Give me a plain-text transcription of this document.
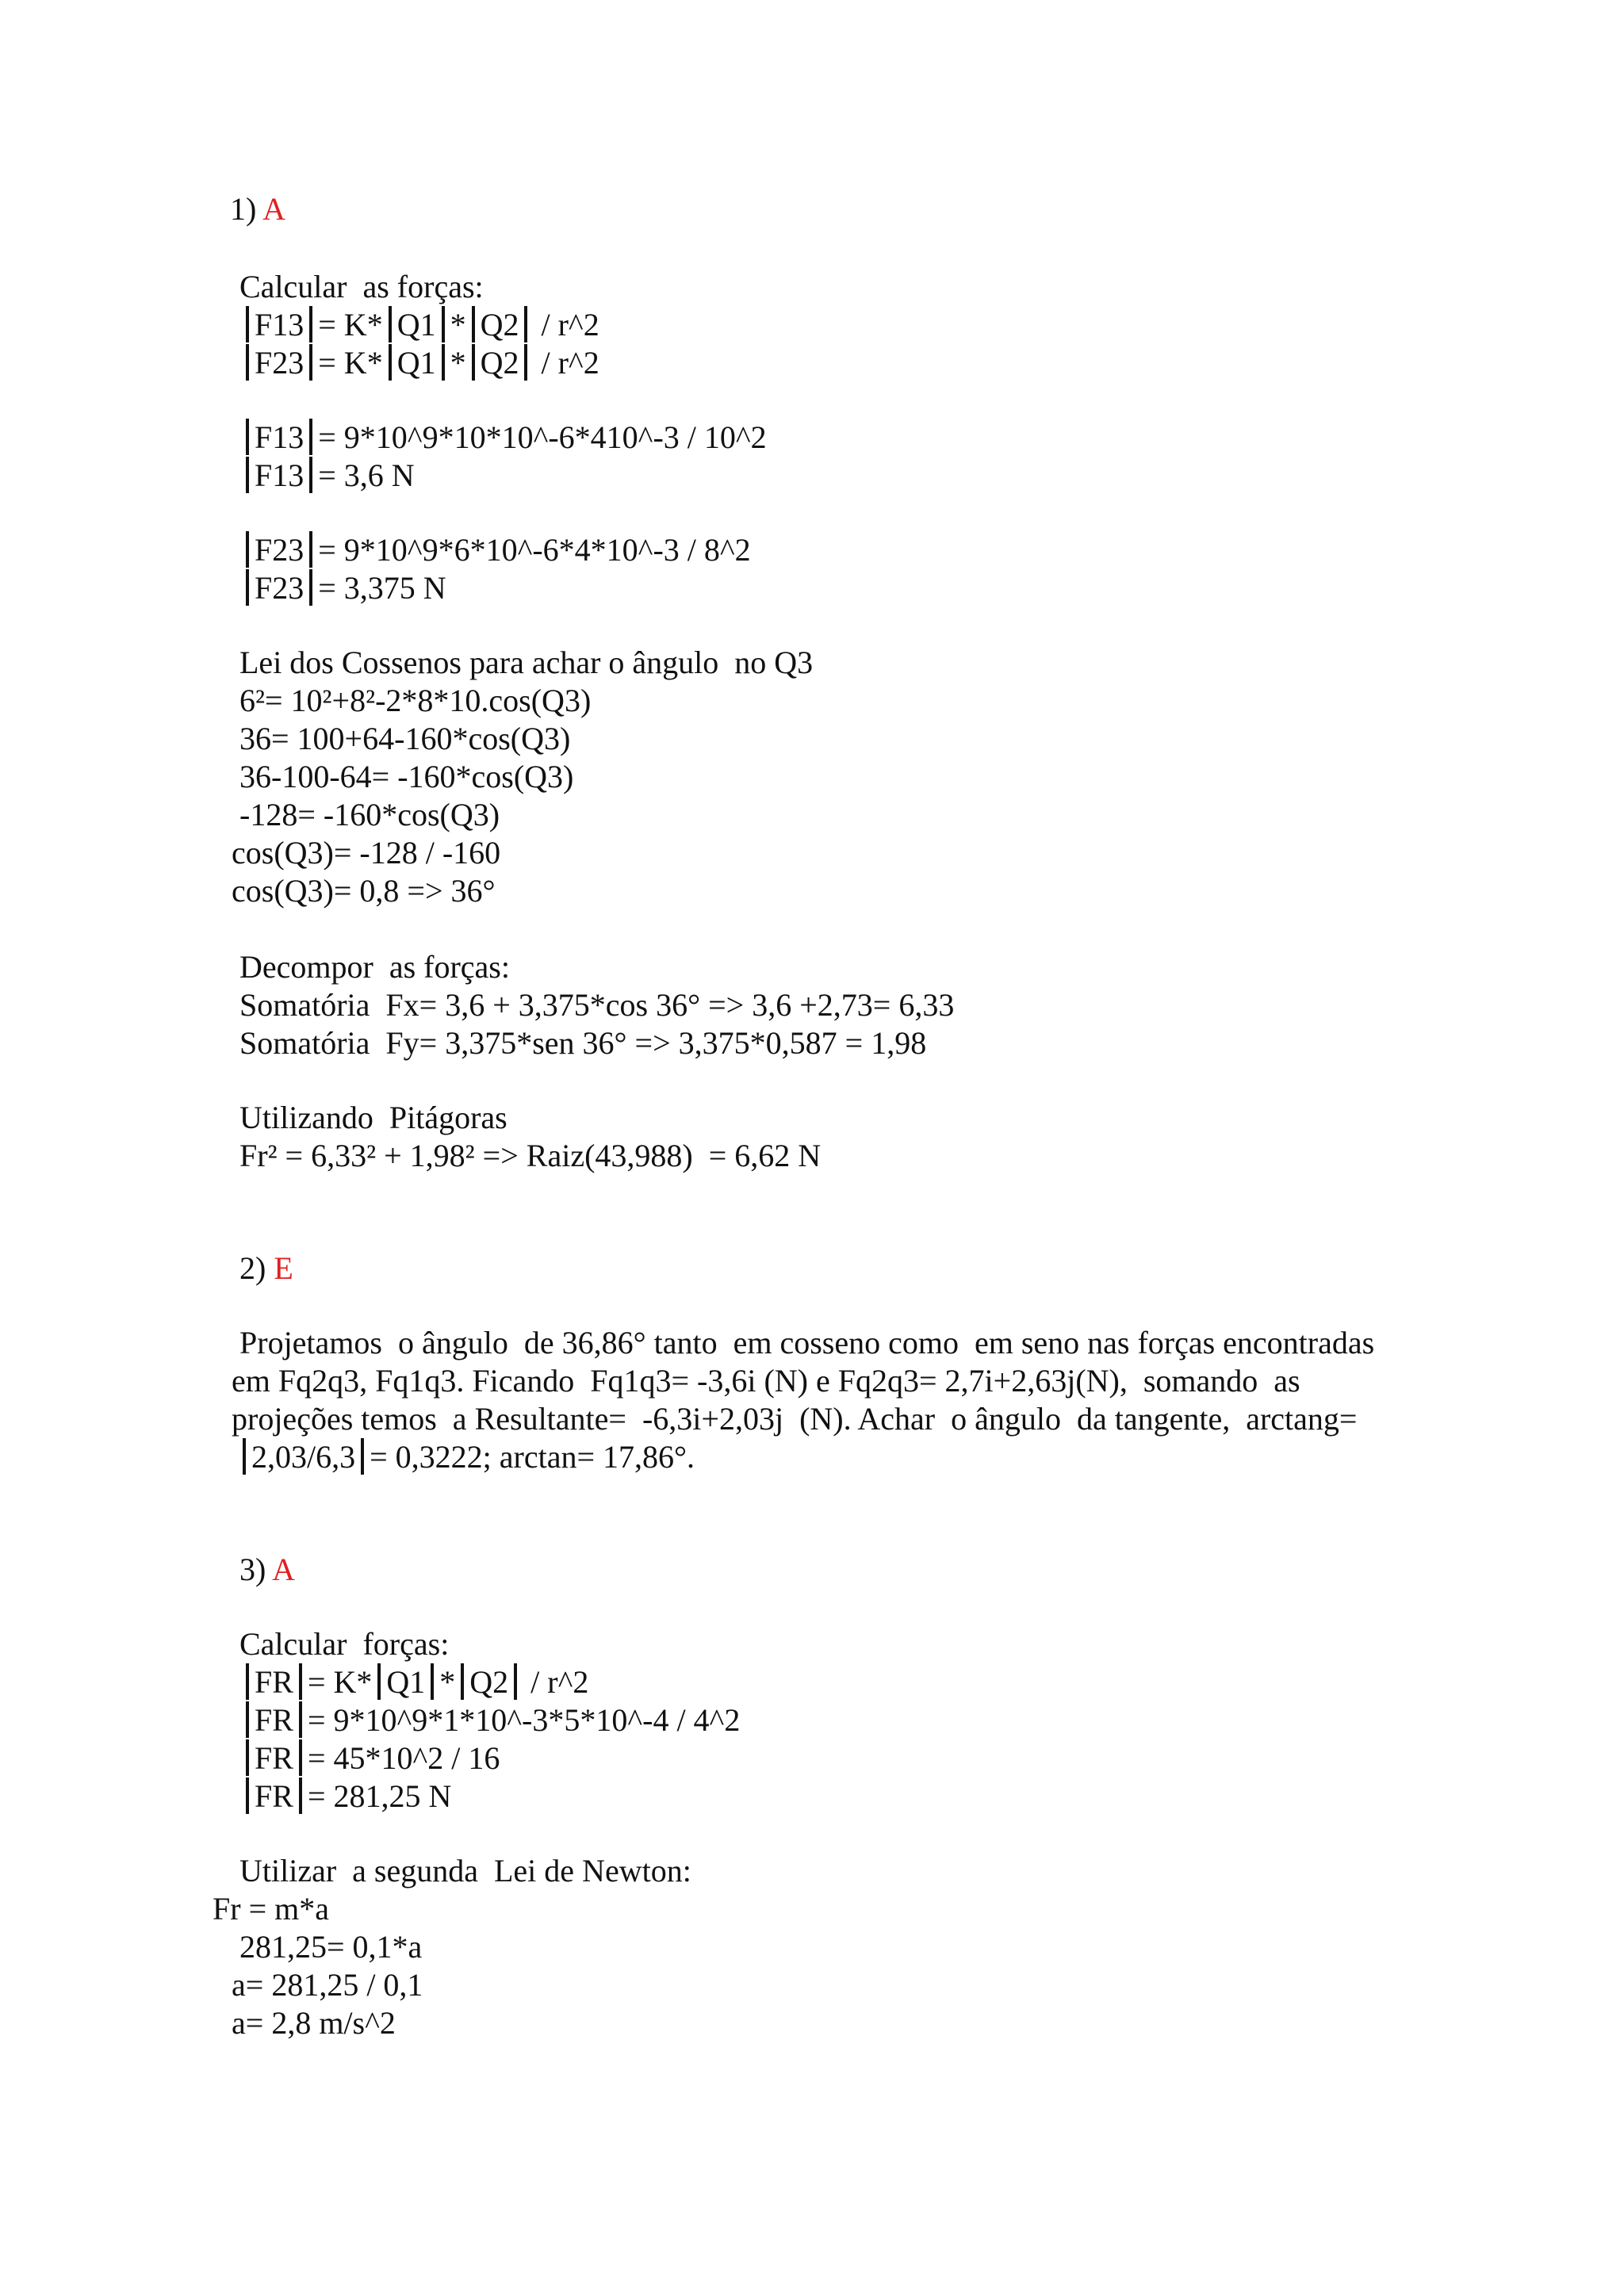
1) A
Calcular  as forças:
F13 = K* Q1 * Q2 / r^2
F23 = K* Q1 * Q2 / r^2
F13 = 9*10^9*10*10^-6*410^-3 / 10^2
F13 = 3,6 N
F23 = 9*10^9*6*10^-6*4*10^-3 / 8^2
F23 = 3,375 N
Lei dos Cossenos para achar o ângulo  no Q3
6²= 10²+8²-2*8*10.cos(Q3)
36= 100+64-160*cos(Q3)
36-100-64= -160*cos(Q3)
-128= -160*cos(Q3)
cos(Q3)= -128 / -160
cos(Q3)= 0,8 => 36°
Decompor  as forças:
Somatória  Fx= 3,6 + 3,375*cos 36° => 3,6 +2,73= 6,33
Somatória  Fy= 3,375*sen 36° => 3,375*0,587 = 1,98
Utilizando  Pitágoras
Fr² = 6,33² + 1,98² => Raiz(43,988)  = 6,62 N
2) E
Projetamos  o ângulo  de 36,86° tanto  em cosseno como  em seno nas forças encontradas
em Fq2q3, Fq1q3. Ficando  Fq1q3= -3,6i (N) e Fq2q3= 2,7i+2,63j(N),  somando  as
projeções temos  a Resultante=  -6,3i+2,03j  (N). Achar  o ângulo  da tangente,  arctang=
2,03/6,3 = 0,3222; arctan= 17,86°.
3) A
Calcular  forças:
FR = K* Q1 * Q2 / r^2
FR = 9*10^9*1*10^-3*5*10^-4 / 4^2
FR = 45*10^2 / 16
FR = 281,25 N
Utilizar  a segunda  Lei de Newton:
Fr = m*a
281,25= 0,1*a
a= 281,25 / 0,1
a= 2,8 m/s^2
